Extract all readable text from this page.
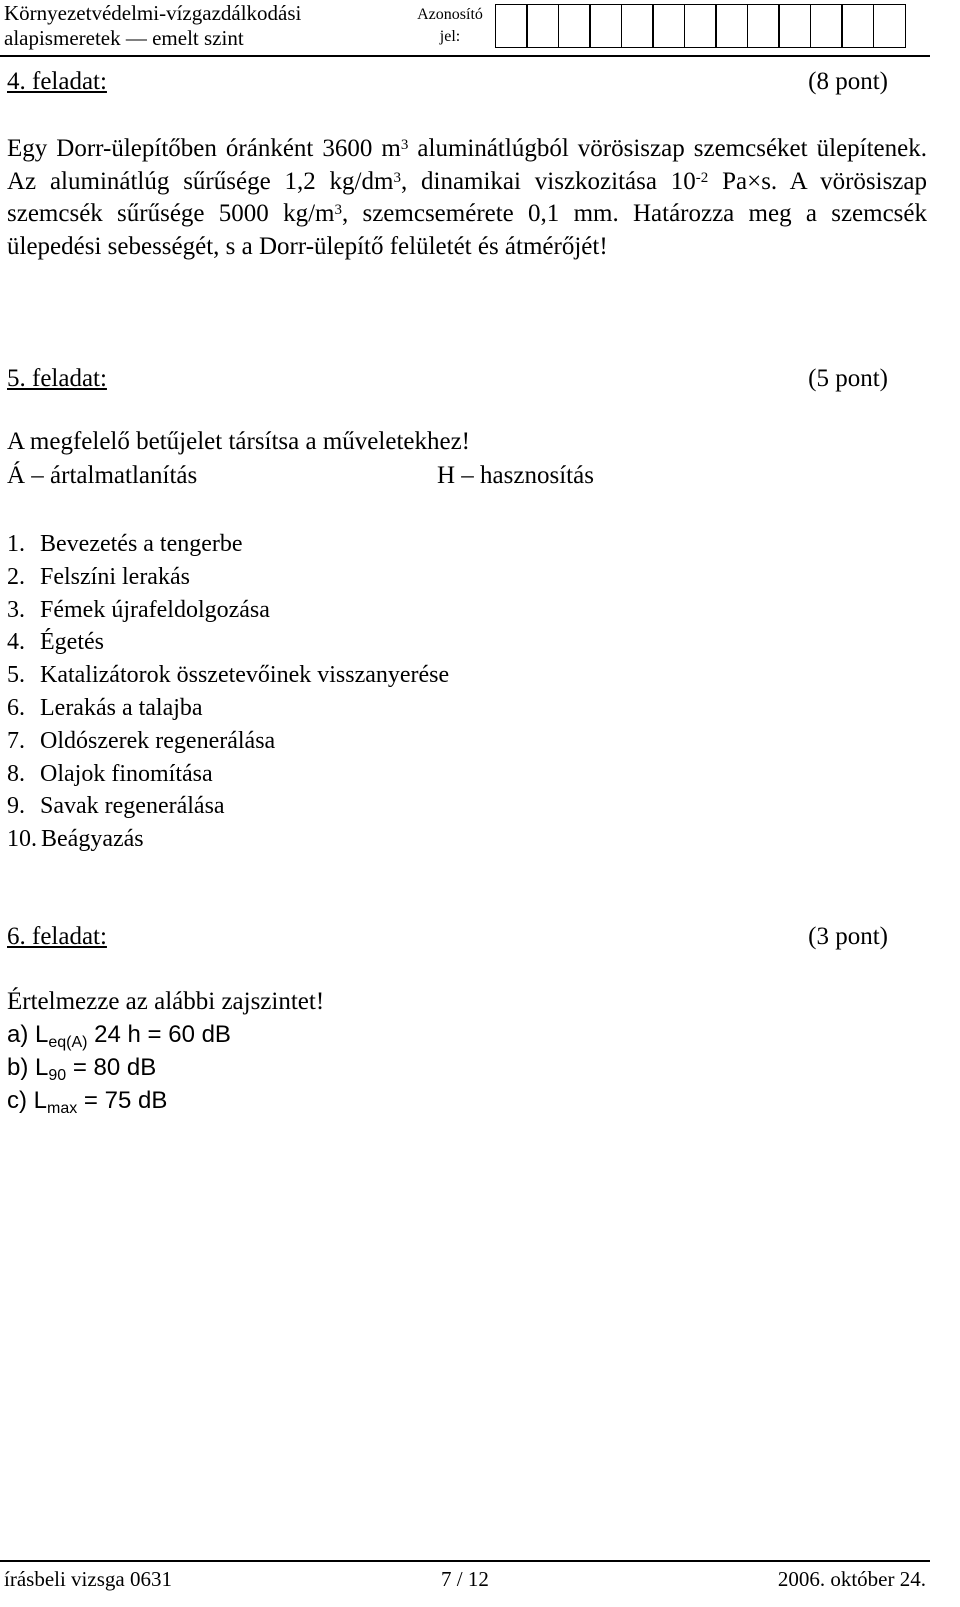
Környezetvédelmi-vízgazdálkodási
alapismeretek — emelt szint
Azonosító
jel:
4. feladat:	(8 pont)
Egy Dorr-ülepítőben óránként 3600 $m^3$ aluminátlúgból vörösiszap szemcséket ülepítenek. Az aluminátlúg sűrűsége 1,2 $kg/dm^3$, dinamikai viszkozitása $10^{-2}$ Pa×s. A vörösiszap szemcsék sűrűsége 5000 $kg/m^3$, szemcsemérete 0,1 mm. Határozza meg a szemcsék ülepedési sebességét, s a Dorr-ülepítő felületét és átmérőjét!
5. feladat:	(5 pont)
A megfelelő betűjelet társítsa a műveletekhez!
Á – ártalmatlanítás	H – hasznosítás
1. Bevezetés a tengerbe
2. Felszíni lerakás
3. Fémek újrafeldolgozása
4. Égetés
5. Katalizátorok összetevőinek visszanyerése
6. Lerakás a talajba
7. Oldószerek regenerálása
8. Olajok finomítása
9. Savak regenerálása
10. Beágyazás
6. feladat:	(3 pont)
Értelmezze az alábbi zajszintet!
a) $L_{eq(A)}$ 24 h = 60 dB
b) $L_{90} = 80$ dB
c) $L_{max} = 75$ dB
írásbeli vizsga 0631	7 / 12	2006. október 24.
